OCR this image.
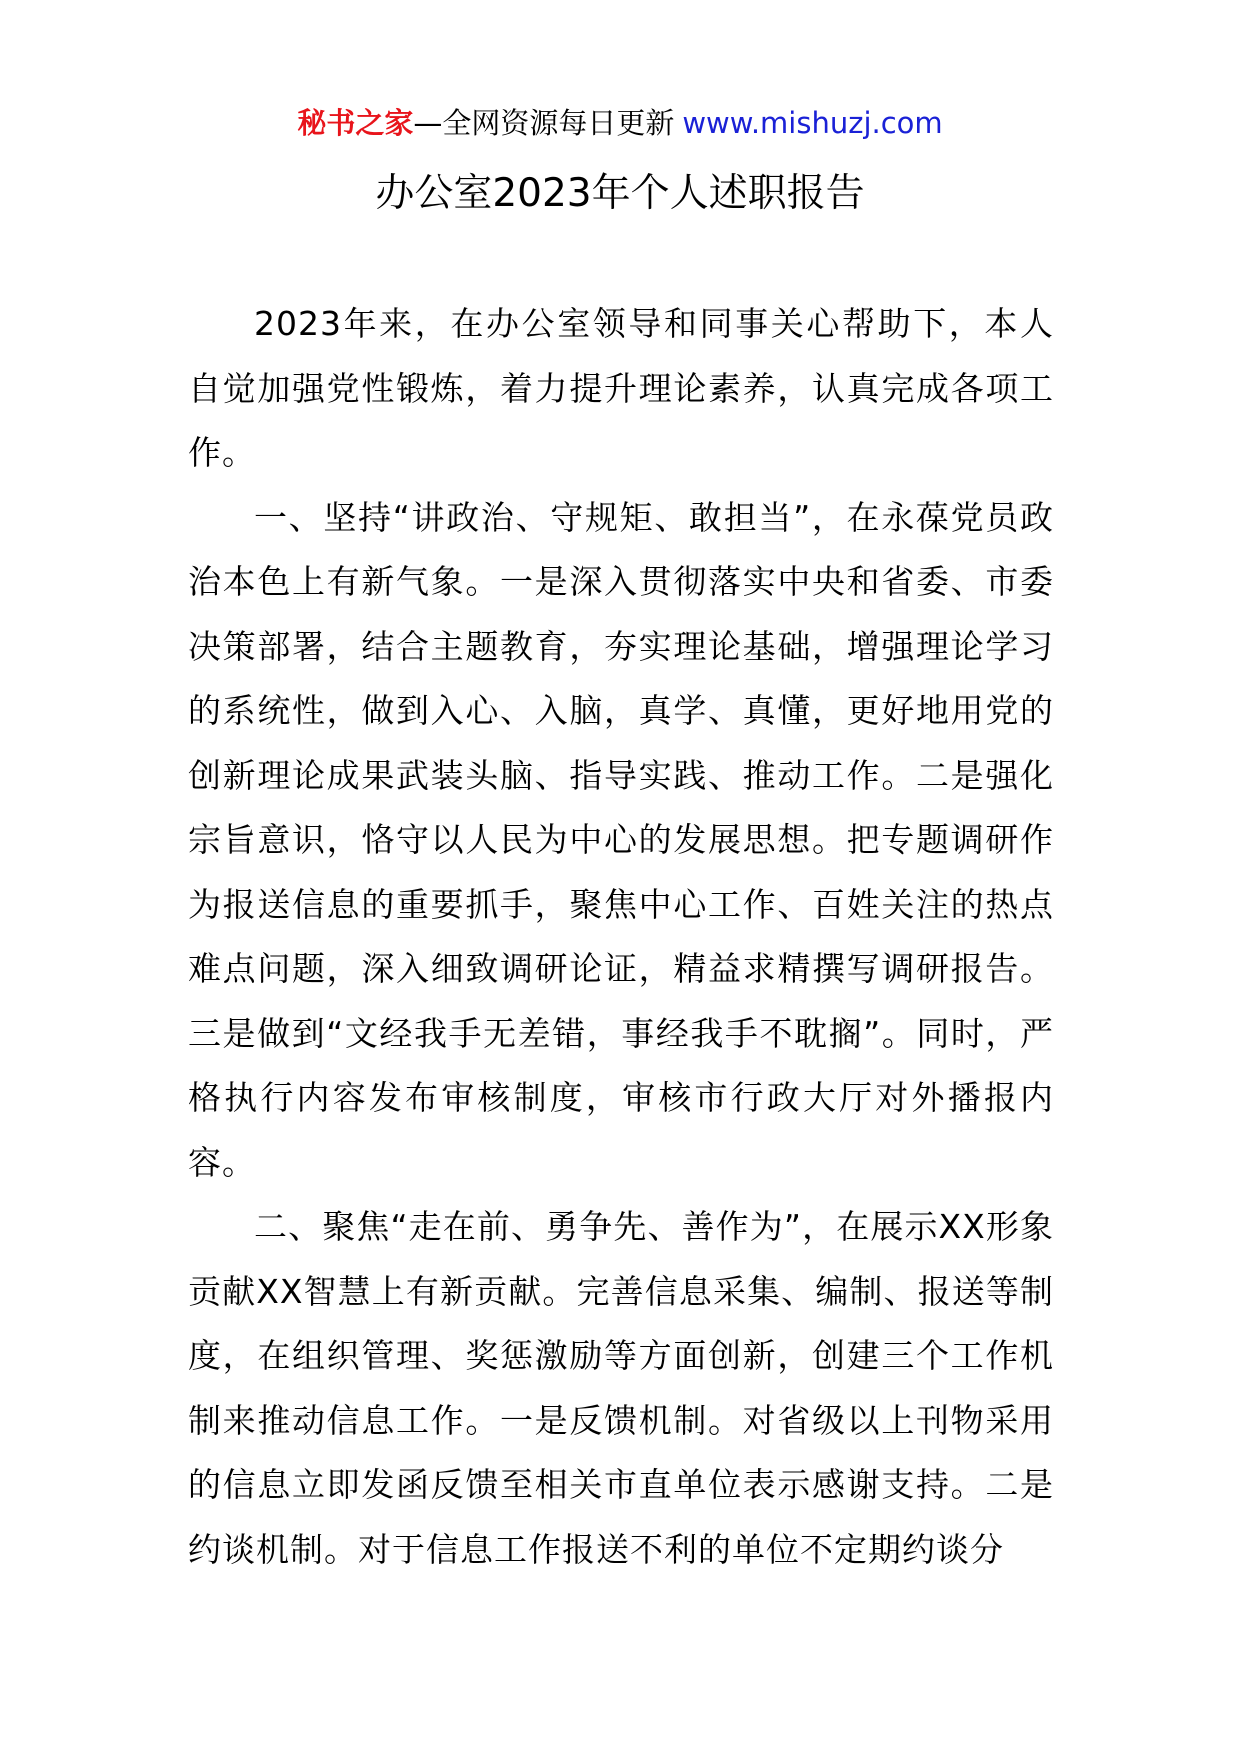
秘书之家—全网资源每日更新 www.mishuzj.com
办公室2023年个人述职报告

2023年来，在办公室领导和同事关心帮助下，本人自觉加强党性锻炼，着力提升理论素养，认真完成各项工作。

一、坚持“讲政治、守规矩、敢担当”，在永葆党员政治本色上有新气象。一是深入贯彻落实中央和省委、市委决策部署，结合主题教育，夯实理论基础，增强理论学习的系统性，做到入心、入脑，真学、真懂，更好地用党的创新理论成果武装头脑、指导实践、推动工作。二是强化宗旨意识，恪守以人民为中心的发展思想。把专题调研作为报送信息的重要抓手，聚焦中心工作、百姓关注的热点难点问题，深入细致调研论证，精益求精撰写调研报告。三是做到“文经我手无差错，事经我手不耽搁”。同时，严格执行内容发布审核制度，审核市行政大厅对外播报内容。

二、聚焦“走在前、勇争先、善作为”，在展示XX形象贡献XX智慧上有新贡献。完善信息采集、编制、报送等制度，在组织管理、奖惩激励等方面创新，创建三个工作机制来推动信息工作。一是反馈机制。对省级以上刊物采用的信息立即发函反馈至相关市直单位表示感谢支持。二是约谈机制。对于信息工作报送不利的单位不定期约谈分
